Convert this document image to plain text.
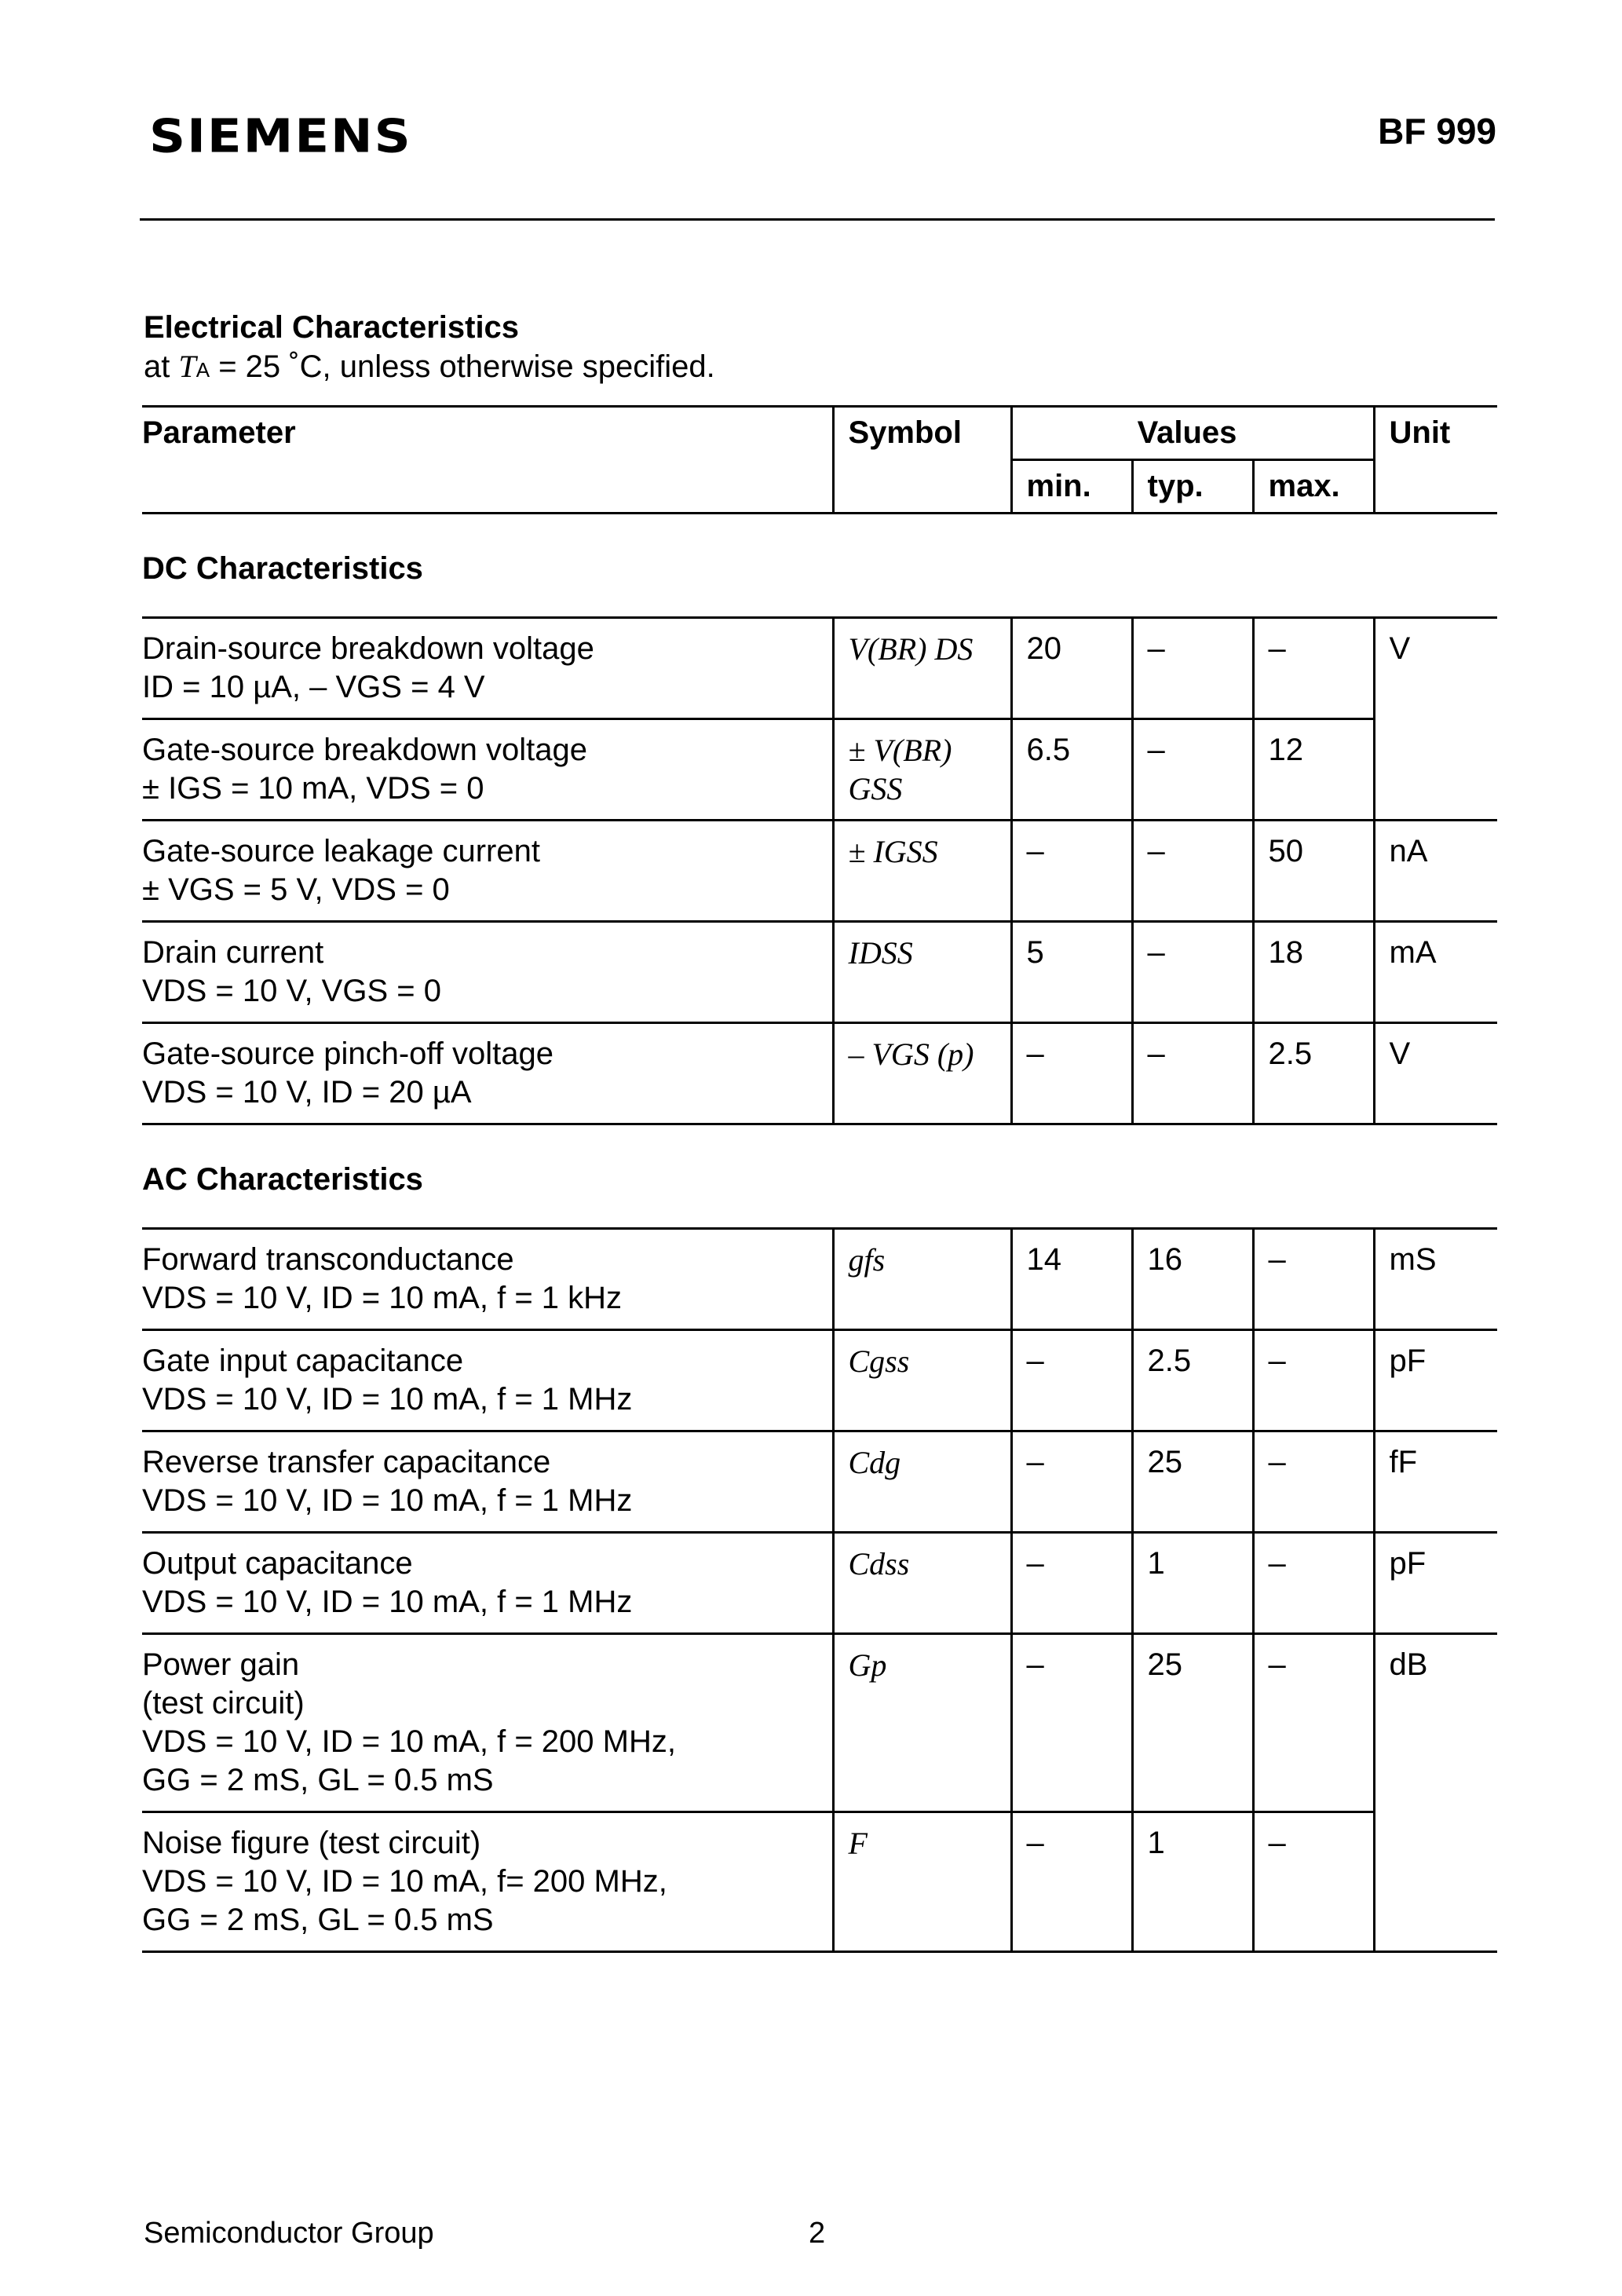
SIEMENS	BF 999
Electrical Characteristics
at TA = 25 ˚C, unless otherwise specified.
Parameter	Symbol	Values			Unit
		min.	typ.	max.	
DC Characteristics					
Drain-source breakdown voltage
ID = 10 µA, – VGS = 4 V	V(BR) DS	20	–	–	V
Gate-source breakdown voltage
± IGS = 10 mA, VDS = 0	± V(BR) GSS	6.5	–	12	
Gate-source leakage current
± VGS = 5 V, VDS = 0	± IGSS	–	–	50	nA
Drain current
VDS = 10 V, VGS = 0	IDSS	5	–	18	mA
Gate-source pinch-off voltage
VDS = 10 V, ID = 20 µA	– VGS (p)	–	–	2.5	V
AC Characteristics					
Forward transconductance
VDS = 10 V, ID = 10 mA, f = 1 kHz	gfs	14	16	–	mS
Gate input capacitance
VDS = 10 V, ID = 10 mA, f = 1 MHz	Cgss	–	2.5	–	pF
Reverse transfer capacitance
VDS = 10 V, ID = 10 mA, f = 1 MHz	Cdg	–	25	–	fF
Output capacitance
VDS = 10 V, ID = 10 mA, f = 1 MHz	Cdss	–	1	–	pF
Power gain
(test circuit)
VDS = 10 V, ID = 10 mA, f = 200 MHz,
GG = 2 mS, GL = 0.5 mS	Gp	–	25	–	dB
Noise figure (test circuit)
VDS = 10 V, ID = 10 mA, f= 200 MHz,
GG = 2 mS, GL = 0.5 mS	F	–	1	–	
Semiconductor Group	2
